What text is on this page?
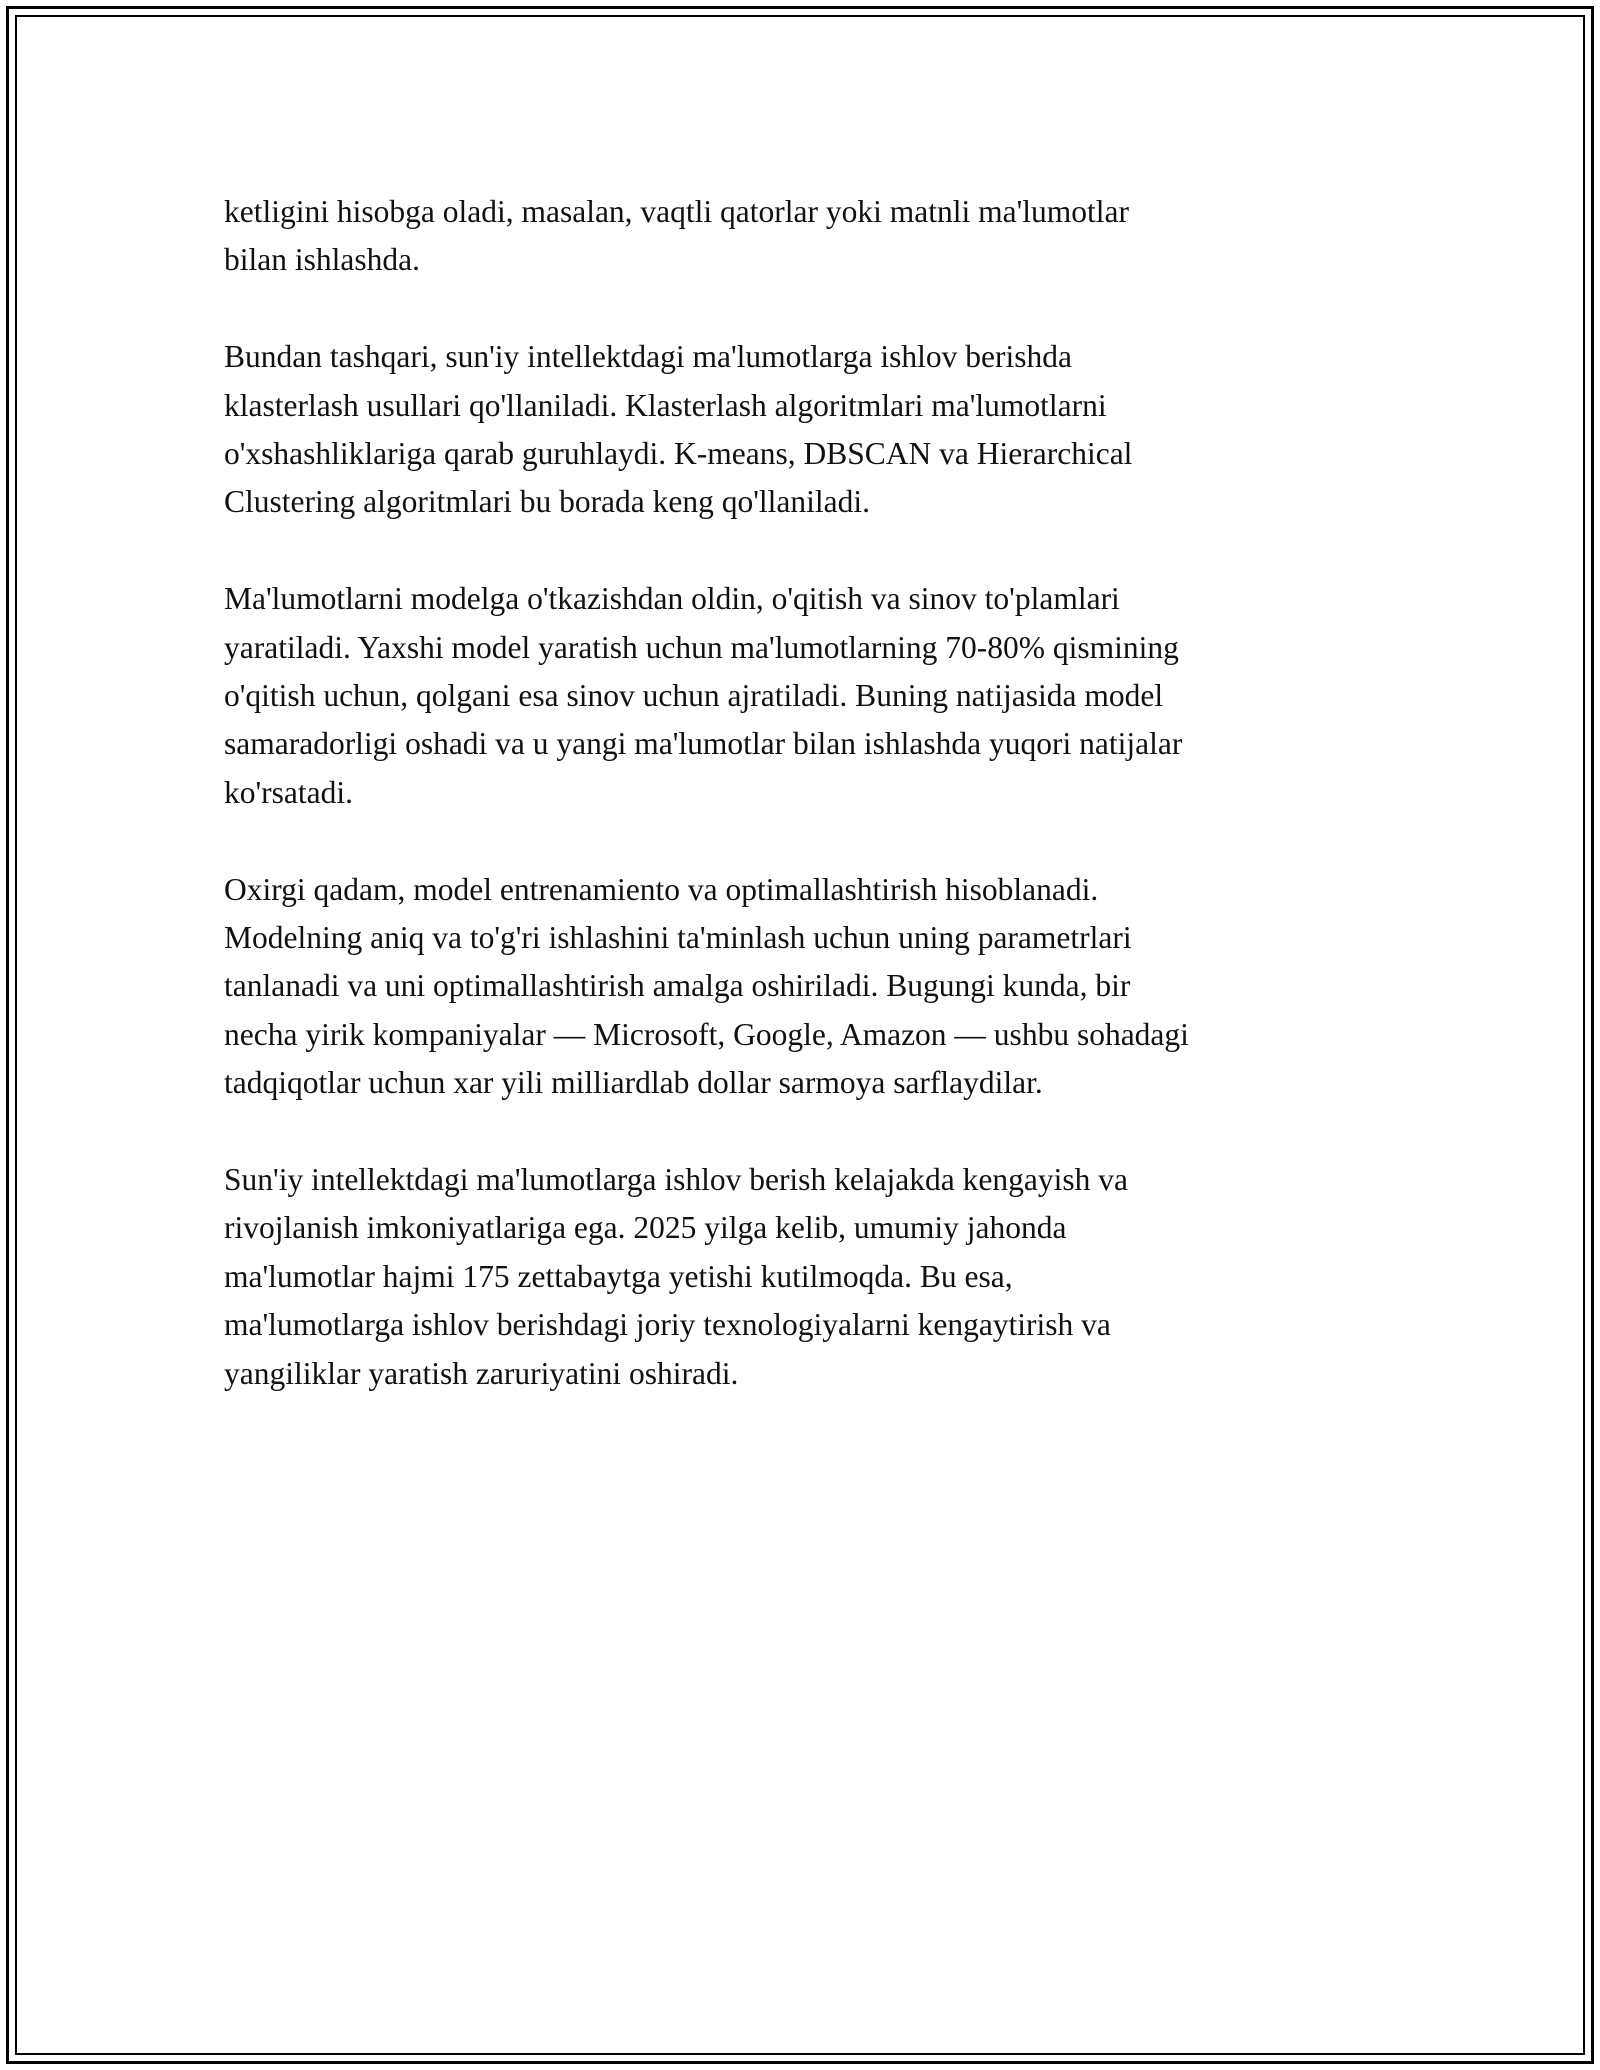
ketligini hisobga oladi, masalan, vaqtli qatorlar yoki matnli ma'lumotlar
bilan ishlashda.

Bundan tashqari, sun'iy intellektdagi ma'lumotlarga ishlov berishda
klasterlash usullari qo'llaniladi. Klasterlash algoritmlari ma'lumotlarni
o'xshashliklariga qarab guruhlaydi. K-means, DBSCAN va Hierarchical
Clustering algoritmlari bu borada keng qo'llaniladi.

Ma'lumotlarni modelga o'tkazishdan oldin, o'qitish va sinov to'plamlari
yaratiladi. Yaxshi model yaratish uchun ma'lumotlarning 70-80% qismining
o'qitish uchun, qolgani esa sinov uchun ajratiladi. Buning natijasida model
samaradorligi oshadi va u yangi ma'lumotlar bilan ishlashda yuqori natijalar
ko'rsatadi.

Oxirgi qadam, model entrenamiento va optimallashtirish hisoblanadi.
Modelning aniq va to'g'ri ishlashini ta'minlash uchun uning parametrlari
tanlanadi va uni optimallashtirish amalga oshiriladi. Bugungi kunda, bir
necha yirik kompaniyalar — Microsoft, Google, Amazon — ushbu sohadagi
tadqiqotlar uchun xar yili milliardlab dollar sarmoya sarflaydilar.

Sun'iy intellektdagi ma'lumotlarga ishlov berish kelajakda kengayish va
rivojlanish imkoniyatlariga ega. 2025 yilga kelib, umumiy jahonda
ma'lumotlar hajmi 175 zettabaytga yetishi kutilmoqda. Bu esa,
ma'lumotlarga ishlov berishdagi joriy texnologiyalarni kengaytirish va
yangiliklar yaratish zaruriyatini oshiradi.
